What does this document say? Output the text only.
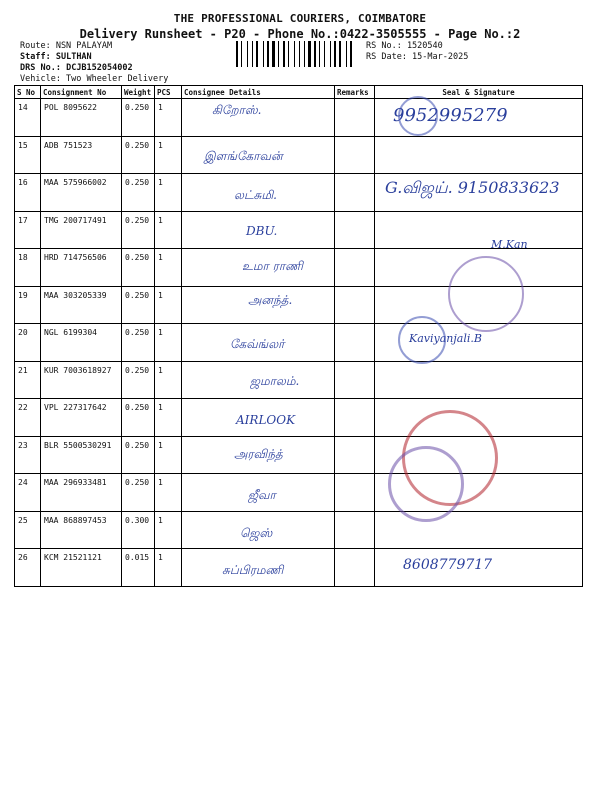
THE PROFESSIONAL COURIERS, COIMBATORE
Delivery Runsheet - P20 - Phone No.:0422-3505555 - Page No.:2
Route: NSN PALAYAM
Staff: SULTHAN
DRS No.: DCJB152054002
Vehicle: Two Wheeler Delivery
RS No.: 1520540
RS Date: 15-Mar-2025
S No	Consignment No	Weight	PCS	Consignee Details	Remarks	Seal & Signature
14	POL 8095622	0.250	1	கிறோஸ்.		9952995279

15	ADB 751523	0.250	1	இளங்கோவன்		

16	MAA 575966002	0.250	1	லட்சுமி.		G.விஜய். 9150833623

17	TMG 200717491	0.250	1	DBU.		M.Kan

18	HRD 714756506	0.250	1	உமா ராணி		

19	MAA 303205339	0.250	1	அனந்த்.		

20	NGL 6199304	0.250	1	கேவ்ங்லர்		Kaviyanjali.B

21	KUR 7003618927	0.250	1	ஜமாலம்.		

22	VPL 227317642	0.250	1	AIRLOOK		

23	BLR 5500530291	0.250	1	அரவிந்த்		

24	MAA 296933481	0.250	1	ஜீவா		

25	MAA 868897453	0.300	1	ஜெஸ்		

26	KCM 21521121	0.015	1	சுப்பிரமணி		8608779717
